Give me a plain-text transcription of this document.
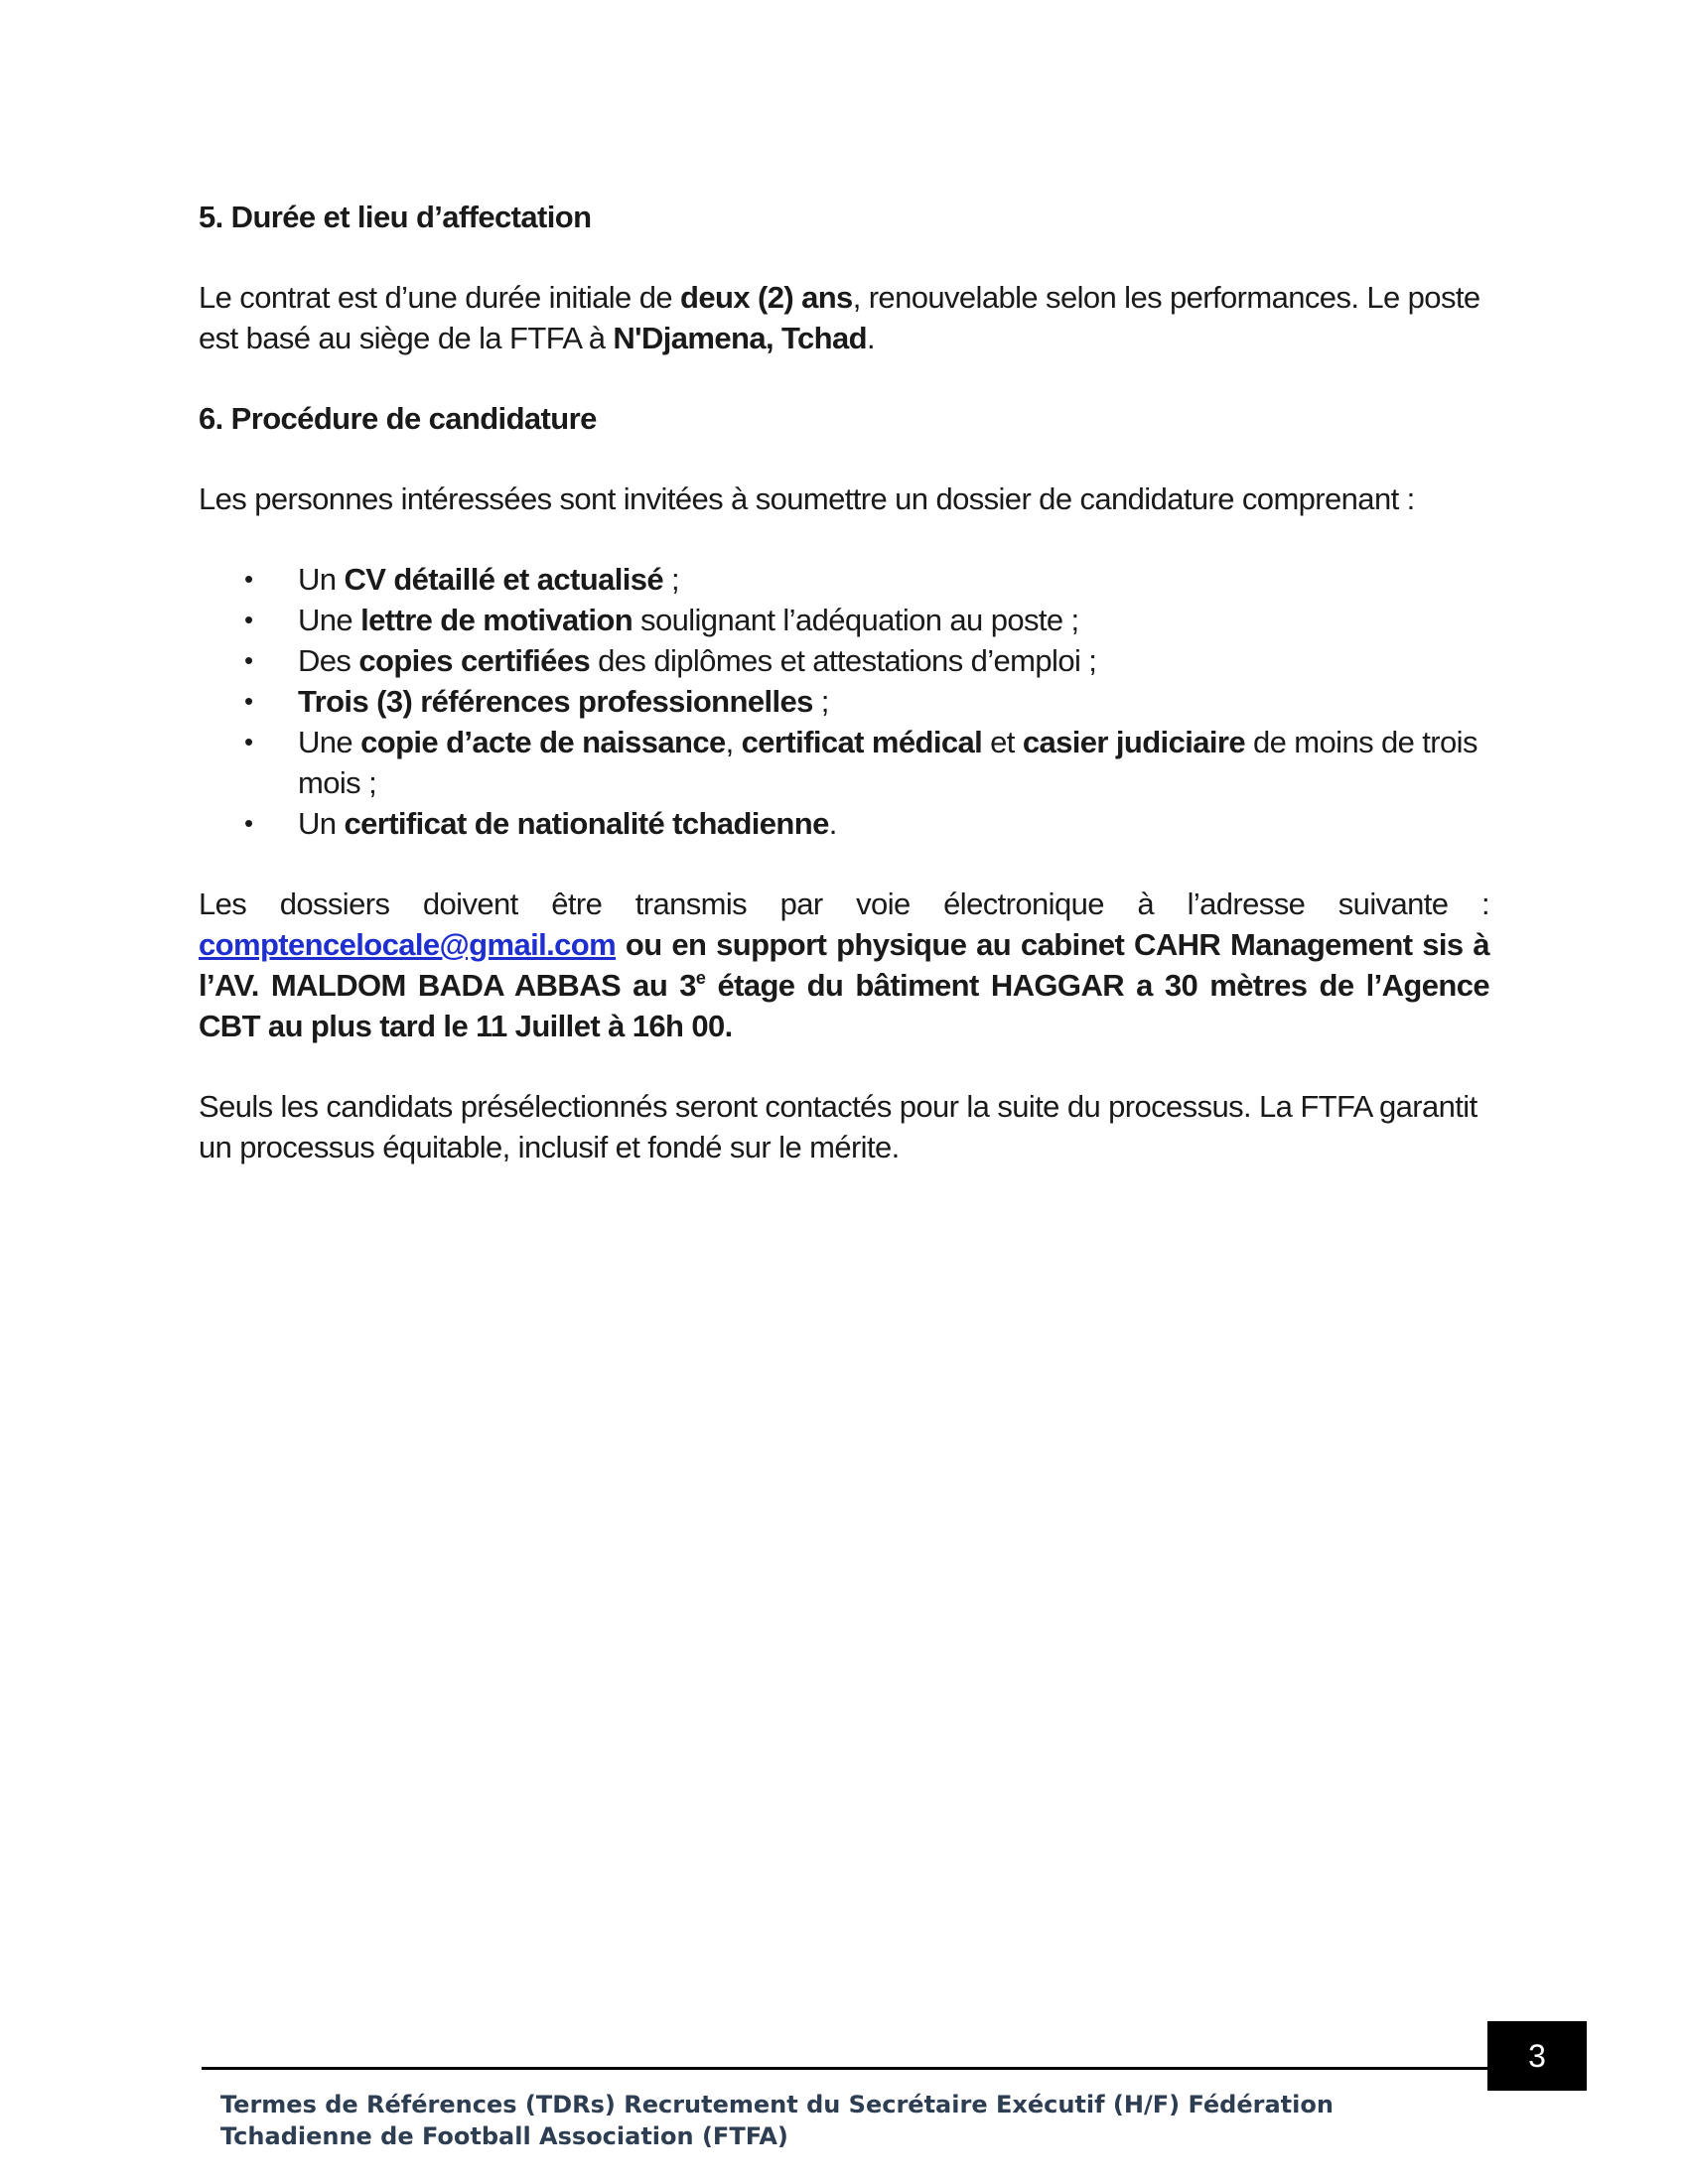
5. Durée et lieu d’affectation

Le contrat est d’une durée initiale de deux (2) ans, renouvelable selon les performances. Le poste est basé au siège de la FTFA à N'Djamena, Tchad.

6. Procédure de candidature

Les personnes intéressées sont invitées à soumettre un dossier de candidature comprenant :

• Un CV détaillé et actualisé ;
• Une lettre de motivation soulignant l’adéquation au poste ;
• Des copies certifiées des diplômes et attestations d’emploi ;
• Trois (3) références professionnelles ;
• Une copie d’acte de naissance, certificat médical et casier judiciaire de moins de trois mois ;
• Un certificat de nationalité tchadienne.

Les dossiers doivent être transmis par voie électronique à l’adresse suivante : comptencelocale@gmail.com ou en support physique au cabinet CAHR Management sis à l’AV. MALDOM BADA ABBAS au 3e étage du bâtiment HAGGAR a 30 mètres de l’Agence CBT au plus tard le 11 Juillet à 16h 00.

Seuls les candidats présélectionnés seront contactés pour la suite du processus. La FTFA garantit un processus équitable, inclusif et fondé sur le mérite.

3
Termes de Références (TDRs) Recrutement du Secrétaire Exécutif (H/F) Fédération Tchadienne de Football Association (FTFA)
